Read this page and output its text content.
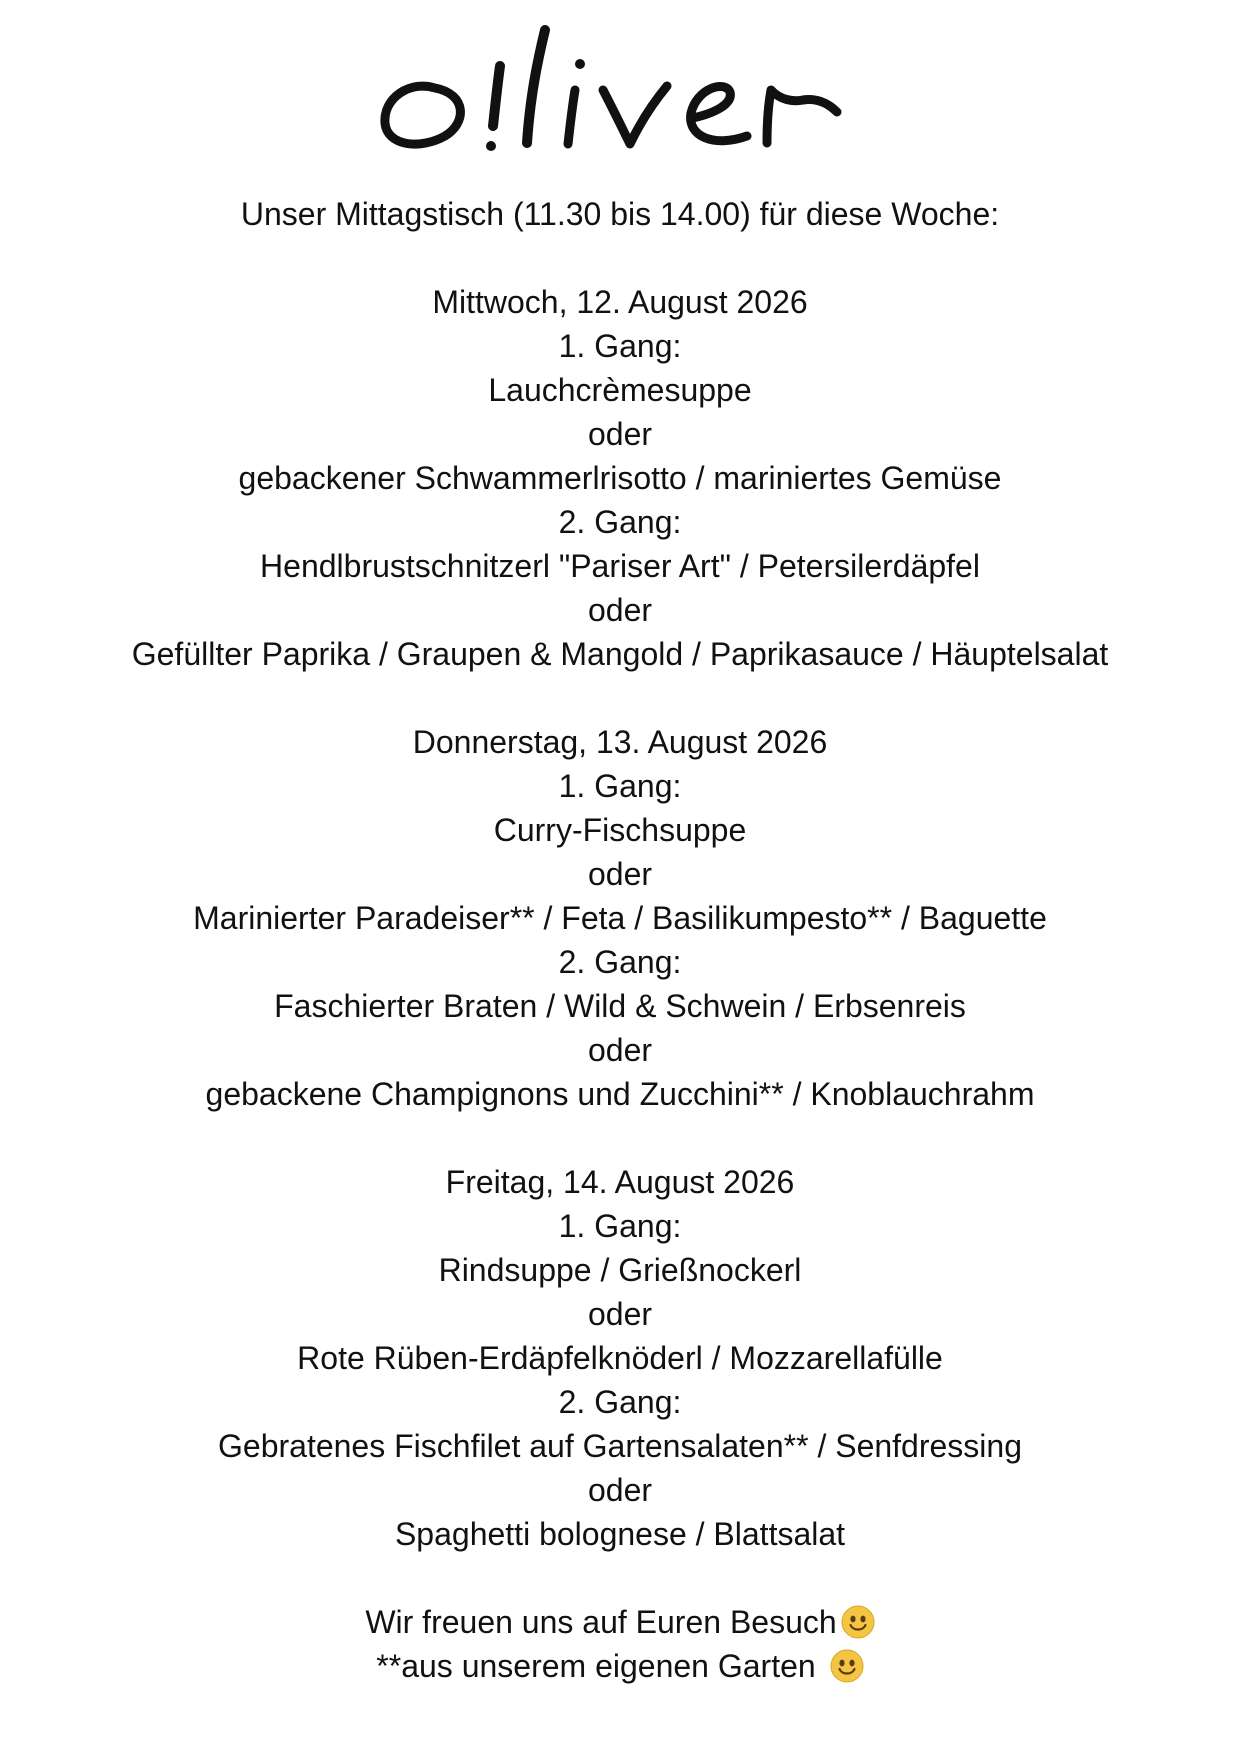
Unser Mittagstisch (11.30 bis 14.00) für diese Woche:
Mittwoch, 12. August 2026
1. Gang:
Lauchcrèmesuppe
oder
gebackener Schwammerlrisotto / mariniertes Gemüse
2. Gang:
Hendlbrustschnitzerl "Pariser Art" / Petersilerdäpfel
oder
Gefüllter Paprika / Graupen & Mangold / Paprikasauce / Häuptelsalat
Donnerstag, 13. August 2026
1. Gang:
Curry-Fischsuppe
oder
Marinierter Paradeiser** / Feta / Basilikumpesto** / Baguette
2. Gang:
Faschierter Braten / Wild & Schwein / Erbsenreis
oder
gebackene Champignons und Zucchini** / Knoblauchrahm
Freitag, 14. August 2026
1. Gang:
Rindsuppe / Grießnockerl
oder
Rote Rüben-Erdäpfelknöderl / Mozzarellafülle
2. Gang:
Gebratenes Fischfilet auf Gartensalaten** / Senfdressing
oder
Spaghetti bolognese / Blattsalat
Wir freuen uns auf Euren Besuch
**aus unserem eigenen Garten
